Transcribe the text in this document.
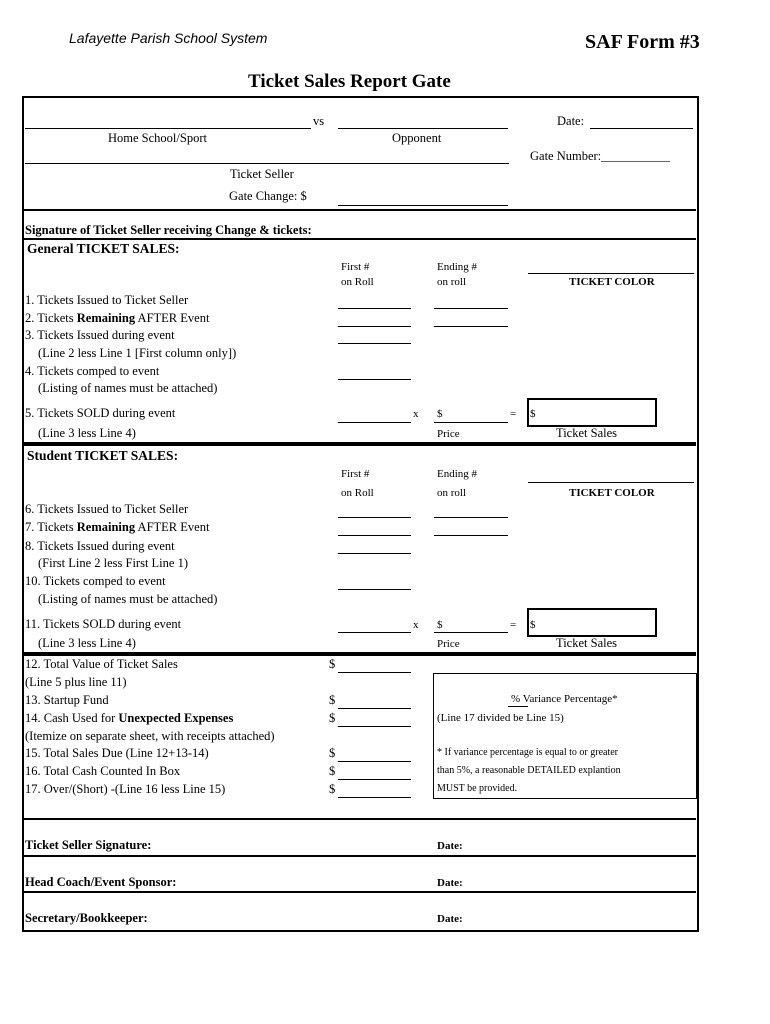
Lafayette Parish School System	SAF Form #3
Ticket Sales Report Gate
vs	Date:
Home School/Sport	Opponent
Gate Number:___________
Ticket Seller
Gate Change: $
Signature of Ticket Seller receiving Change & tickets:
General TICKET SALES:
First #
on Roll
Ending #
on roll	TICKET COLOR
1. Tickets Issued to Ticket Seller
2. Tickets Remaining AFTER Event
3. Tickets Issued during event
(Line 2 less Line 1 [First column only])
4. Tickets comped to event
(Listing of names must be attached)
5. Tickets SOLD during event	x $	= $
(Line 3 less Line 4)	Price	Ticket Sales
Student TICKET SALES:
First #
on Roll
Ending #
on roll	TICKET COLOR
6. Tickets Issued to Ticket Seller
7. Tickets Remaining AFTER Event
8. Tickets Issued during event
(First Line 2 less First Line 1)
10. Tickets comped to event
(Listing of names must be attached)
11. Tickets SOLD during event	x $	= $
(Line 3 less Line 4)	Price	Ticket Sales
12. Total Value of Ticket Sales	$
(Line 5 plus line 11)
13. Startup Fund	$
14. Cash Used for Unexpected Expenses	$
(Itemize on separate sheet, with receipts attached)
15. Total Sales Due (Line 12+13-14)	$
16. Total Cash Counted In Box	$
17. Over/(Short) -(Line 16 less Line 15)	$
% Variance Percentage*
(Line 17 divided be Line 15)
* If variance percentage is equal to or greater
than 5%, a reasonable DETAILED explantion
MUST be provided.
Ticket Seller Signature:	Date:
Head Coach/Event Sponsor:	Date:
Secretary/Bookkeeper:	Date:
